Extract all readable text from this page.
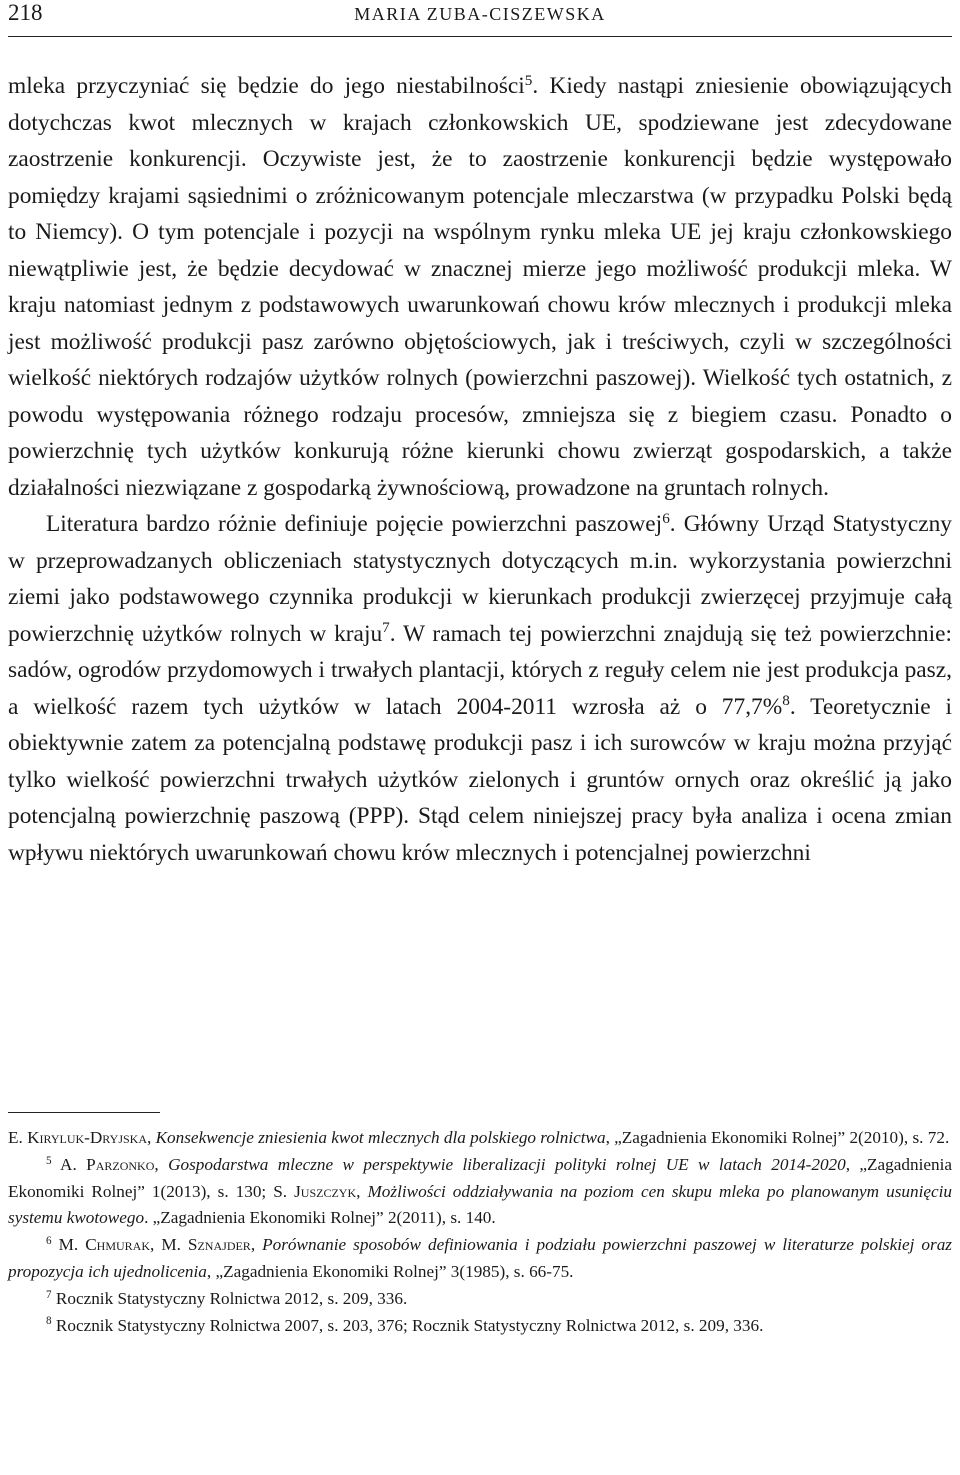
218	MARIA ZUBA-CISZEWSKA

mleka przyczyniać się będzie do jego niestabilności$^5$. Kiedy nastąpi zniesienie obowiązujących dotychczas kwot mlecznych w krajach członkowskich UE, spodziewane jest zdecydowane zaostrzenie konkurencji. Oczywiste jest, że to zaostrzenie konkurencji będzie występowało pomiędzy krajami sąsiednimi o zróżnicowanym potencjale mleczarstwa (w przypadku Polski będą to Niemcy). O tym potencjale i pozycji na wspólnym rynku mleka UE jej kraju członkowskiego niewątpliwie jest, że będzie decydować w znacznej mierze jego możliwość produkcji mleka. W kraju natomiast jednym z podstawowych uwarunkowań chowu krów mlecznych i produkcji mleka jest możliwość produkcji pasz zarówno objętościowych, jak i treściwych, czyli w szczególności wielkość niektórych rodzajów użytków rolnych (powierzchni paszowej). Wielkość tych ostatnich, z powodu występowania różnego rodzaju procesów, zmniejsza się z biegiem czasu. Ponadto o powierzchnię tych użytków konkurują różne kierunki chowu zwierząt gospodarskich, a także działalności niezwiązane z gospodarką żywnościową, prowadzone na gruntach rolnych.

Literatura bardzo różnie definiuje pojęcie powierzchni paszowej$^6$. Główny Urząd Statystyczny w przeprowadzanych obliczeniach statystycznych dotyczących m.in. wykorzystania powierzchni ziemi jako podstawowego czynnika produkcji w kierunkach produkcji zwierzęcej przyjmuje całą powierzchnię użytków rolnych w kraju$^7$. W ramach tej powierzchni znajdują się też powierzchnie: sadów, ogrodów przydomowych i trwałych plantacji, których z reguły celem nie jest produkcja pasz, a wielkość razem tych użytków w latach 2004-2011 wzrosła aż o 77,7%$^8$. Teoretycznie i obiektywnie zatem za potencjalną podstawę produkcji pasz i ich surowców w kraju można przyjąć tylko wielkość powierzchni trwałych użytków zielonych i gruntów ornych oraz określić ją jako potencjalną powierzchnię paszową (PPP). Stąd celem niniejszej pracy była analiza i ocena zmian wpływu niektórych uwarunkowań chowu krów mlecznych i potencjalnej powierzchni

E. Kiryluk-Dryjska, Konsekwencje zniesienia kwot mlecznych dla polskiego rolnictwa, „Zagadnienia Ekonomiki Rolnej” 2(2010), s. 72.

$^5$ A. Parzonko, Gospodarstwa mleczne w perspektywie liberalizacji polityki rolnej UE w latach 2014-2020, „Zagadnienia Ekonomiki Rolnej” 1(2013), s. 130; S. Juszczyk, Możliwości oddziaływania na poziom cen skupu mleka po planowanym usunięciu systemu kwotowego. „Zagadnienia Ekonomiki Rolnej” 2(2011), s. 140.

$^6$ M. Chmurak, M. Sznajder, Porównanie sposobów definiowania i podziału powierzchni paszowej w literaturze polskiej oraz propozycja ich ujednolicenia, „Zagadnienia Ekonomiki Rolnej” 3(1985), s. 66-75.

$^7$ Rocznik Statystyczny Rolnictwa 2012, s. 209, 336.

$^8$ Rocznik Statystyczny Rolnictwa 2007, s. 203, 376; Rocznik Statystyczny Rolnictwa 2012, s. 209, 336.
